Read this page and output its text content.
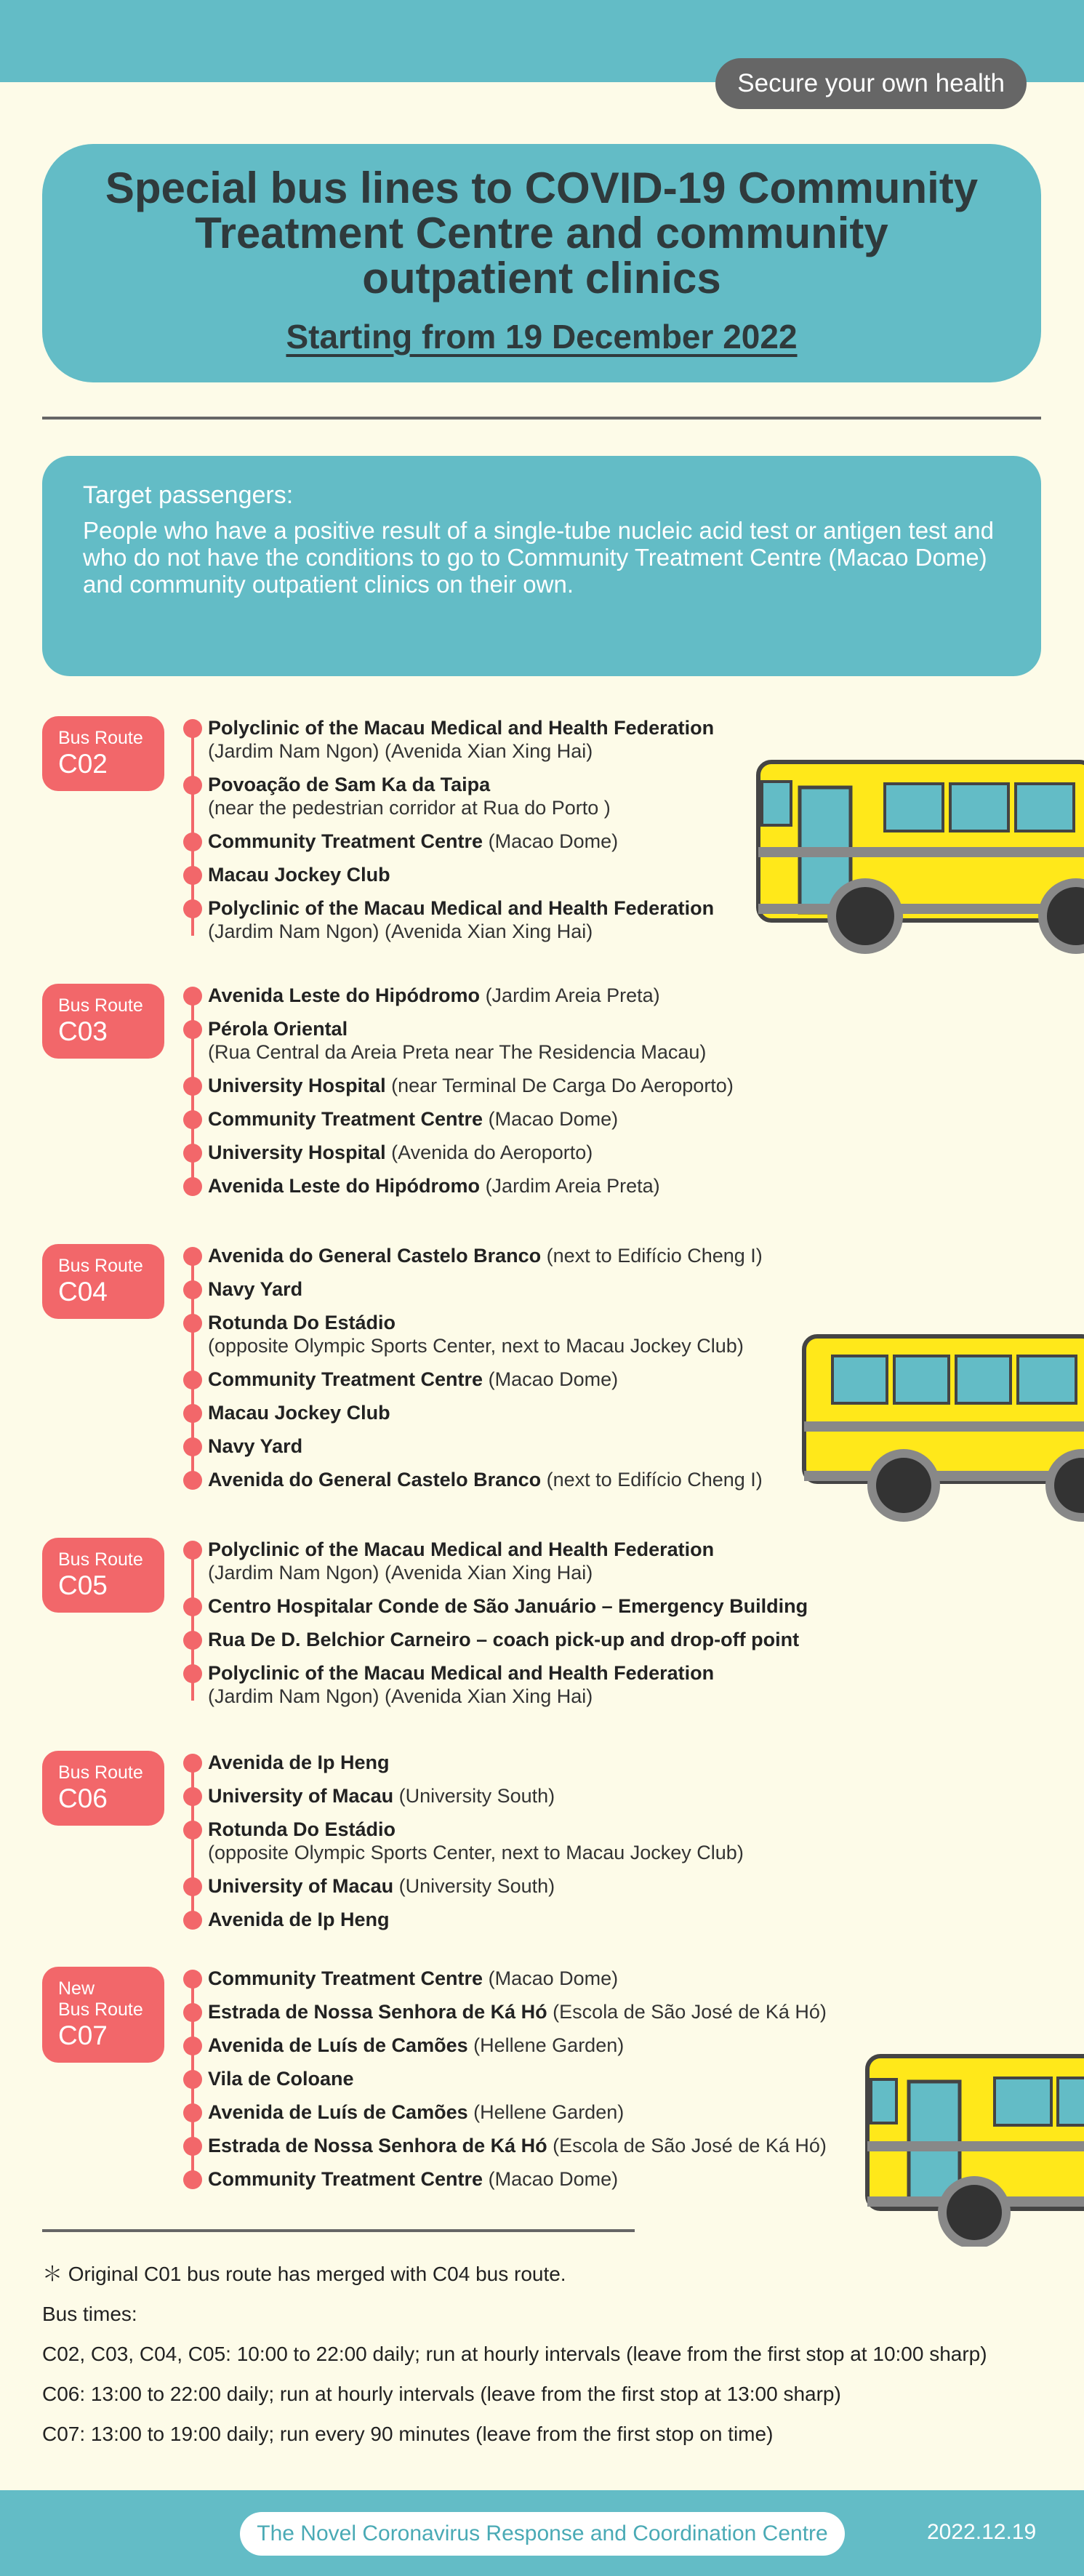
Secure your own health
Special bus lines to COVID-19 Community Treatment Centre and community outpatient clinics
Starting from 19 December 2022
Target passengers:
People who have a positive result of a single-tube nucleic acid test or antigen test and who do not have the conditions to go to Community Treatment Centre (Macao Dome) and community outpatient clinics on their own.
Bus Route
C02
Polyclinic of the Macau Medical and Health Federation
(Jardim Nam Ngon) (Avenida Xian Xing Hai)
Povoação de Sam Ka da Taipa
(near the pedestrian corridor at Rua do Porto )
Community Treatment Centre (Macao Dome)
Macau Jockey Club
Polyclinic of the Macau Medical and Health Federation
(Jardim Nam Ngon) (Avenida Xian Xing Hai)
Bus Route
C03
Avenida Leste do Hipódromo (Jardim Areia Preta)
Pérola Oriental
(Rua Central da Areia Preta near The Residencia Macau)
University Hospital (near Terminal De Carga Do Aeroporto)
Community Treatment Centre (Macao Dome)
University Hospital (Avenida do Aeroporto)
Avenida Leste do Hipódromo (Jardim Areia Preta)
Bus Route
C04
Avenida do General Castelo Branco (next to Edifício Cheng I)
Navy Yard
Rotunda Do Estádio
(opposite Olympic Sports Center, next to Macau Jockey Club)
Community Treatment Centre (Macao Dome)
Macau Jockey Club
Navy Yard
Avenida do General Castelo Branco (next to Edifício Cheng I)
Bus Route
C05
Polyclinic of the Macau Medical and Health Federation
(Jardim Nam Ngon) (Avenida Xian Xing Hai)
Centro Hospitalar Conde de São Januário – Emergency Building
Rua De D. Belchior Carneiro – coach pick-up and drop-off point
Polyclinic of the Macau Medical and Health Federation
(Jardim Nam Ngon) (Avenida Xian Xing Hai)
Bus Route
C06
Avenida de Ip Heng
University of Macau (University South)
Rotunda Do Estádio
(opposite Olympic Sports Center, next to Macau Jockey Club)
University of Macau (University South)
Avenida de Ip Heng
New
Bus Route
C07
Community Treatment Centre (Macao Dome)
Estrada de Nossa Senhora de Ká Hó (Escola de São José de Ká Hó)
Avenida de Luís de Camões (Hellene Garden)
Vila de Coloane
Avenida de Luís de Camões (Hellene Garden)
Estrada de Nossa Senhora de Ká Hó (Escola de São José de Ká Hó)
Community Treatment Centre (Macao Dome)

＊ Original C01 bus route has merged with C04 bus route.

Bus times:

C02, C03, C04, C05: 10:00 to 22:00 daily; run at hourly intervals (leave from the first stop at 10:00 sharp)

C06: 13:00 to 22:00 daily; run at hourly intervals (leave from the first stop at 13:00 sharp)

C07: 13:00 to 19:00 daily; run every 90 minutes (leave from the first stop on time)

The Novel Coronavirus Response and Coordination Centre	2022.12.19
